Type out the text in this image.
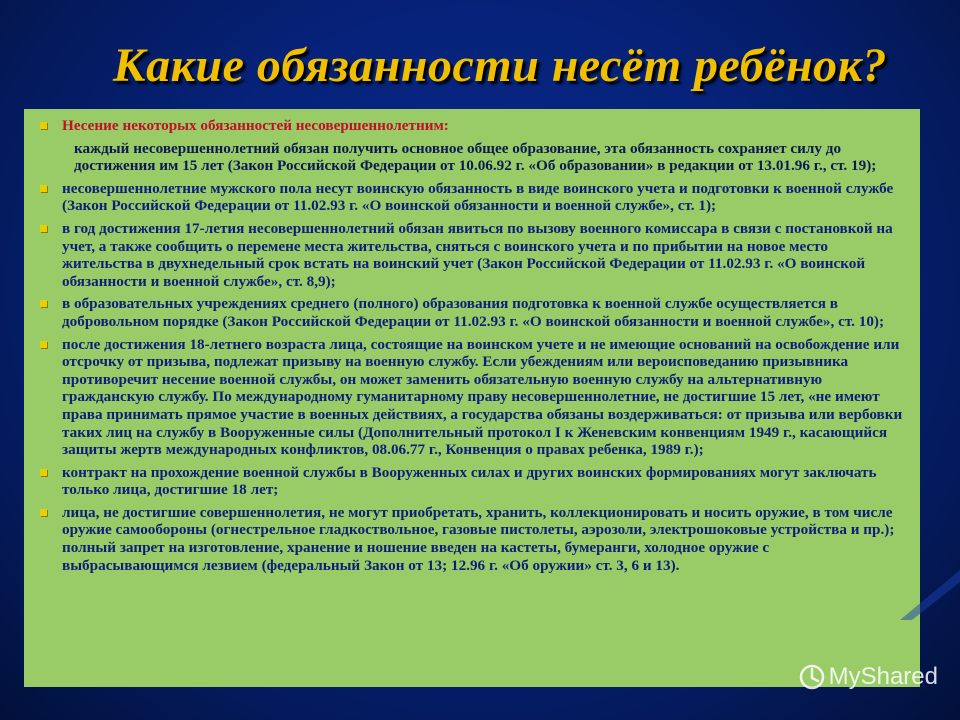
Какие обязанности несёт ребёнок?
Несение некоторых обязанностей несовершеннолетним:
каждый несовершеннолетний обязан получить основное общее образование, эта обязанность сохраняет силу до достижения им 15 лет (Закон Российской Федерации от 10.06.92 г. «Об образовании» в редакции от 13.01.96 г., ст. 19);
несовершеннолетние мужского пола несут воинскую обязанность в виде воинского учета и подготовки к военной службе (Закон Российской Федерации от 11.02.93 г. «О воинской обязанности и военной службе», ст. 1);
в год достижения 17-летия несовершеннолетний обязан явиться по вызову военного комиссара в связи с постановкой на учет, а также сообщить о перемене места жительства, сняться с воинского учета и по прибытии на новое место жительства в двухнедельный срок встать на воинский учет (Закон Российской Федерации от 11.02.93 г. «О воинской обязанности и военной службе», ст. 8,9);
в образовательных учреждениях среднего (полного) образования подготовка к военной службе осуществляется в добровольном порядке (Закон Российской Федерации от 11.02.93 г. «О воинской обязанности и военной службе», ст. 10);
после достижения 18-летнего возраста лица, состоящие на воинском учете и не имеющие оснований на освобождение или отсрочку от призыва, подлежат призыву на военную службу. Если убеждениям или вероисповеданию призывника противоречит несение военной службы, он может заменить обязательную военную службу на альтернативную гражданскую службу. По международному гуманитарному праву несовершеннолетние, не достигшие 15 лет, «не имеют права принимать прямое участие в военных действиях, а государства обязаны воздерживаться: от призыва или вербовки таких лиц на службу в Вооруженные силы (Дополнительный протокол I к Женевским конвенциям 1949 г., касающийся защиты жертв международных конфликтов, 08.06.77 г., Конвенция о правах ребенка, 1989 г.);
контракт на прохождение военной службы в Вооруженных силах и других воинских формированиях могут заключать только лица, достигшие 18 лет;
лица, не достигшие совершеннолетия, не могут приобретать, хранить, коллекционировать и носить оружие, в том числе оружие самообороны (огнестрельное гладкоствольное, газовые пистолеты, аэрозоли, электрошоковые устройства и пр.); полный запрет на изготовление, хранение и ношение введен на кастеты, бумеранги, холодное оружие с выбрасывающимся лезвием (федеральный Закон от 13; 12.96 г. «Об оружии» ст. 3, 6 и 13).
MyShared
